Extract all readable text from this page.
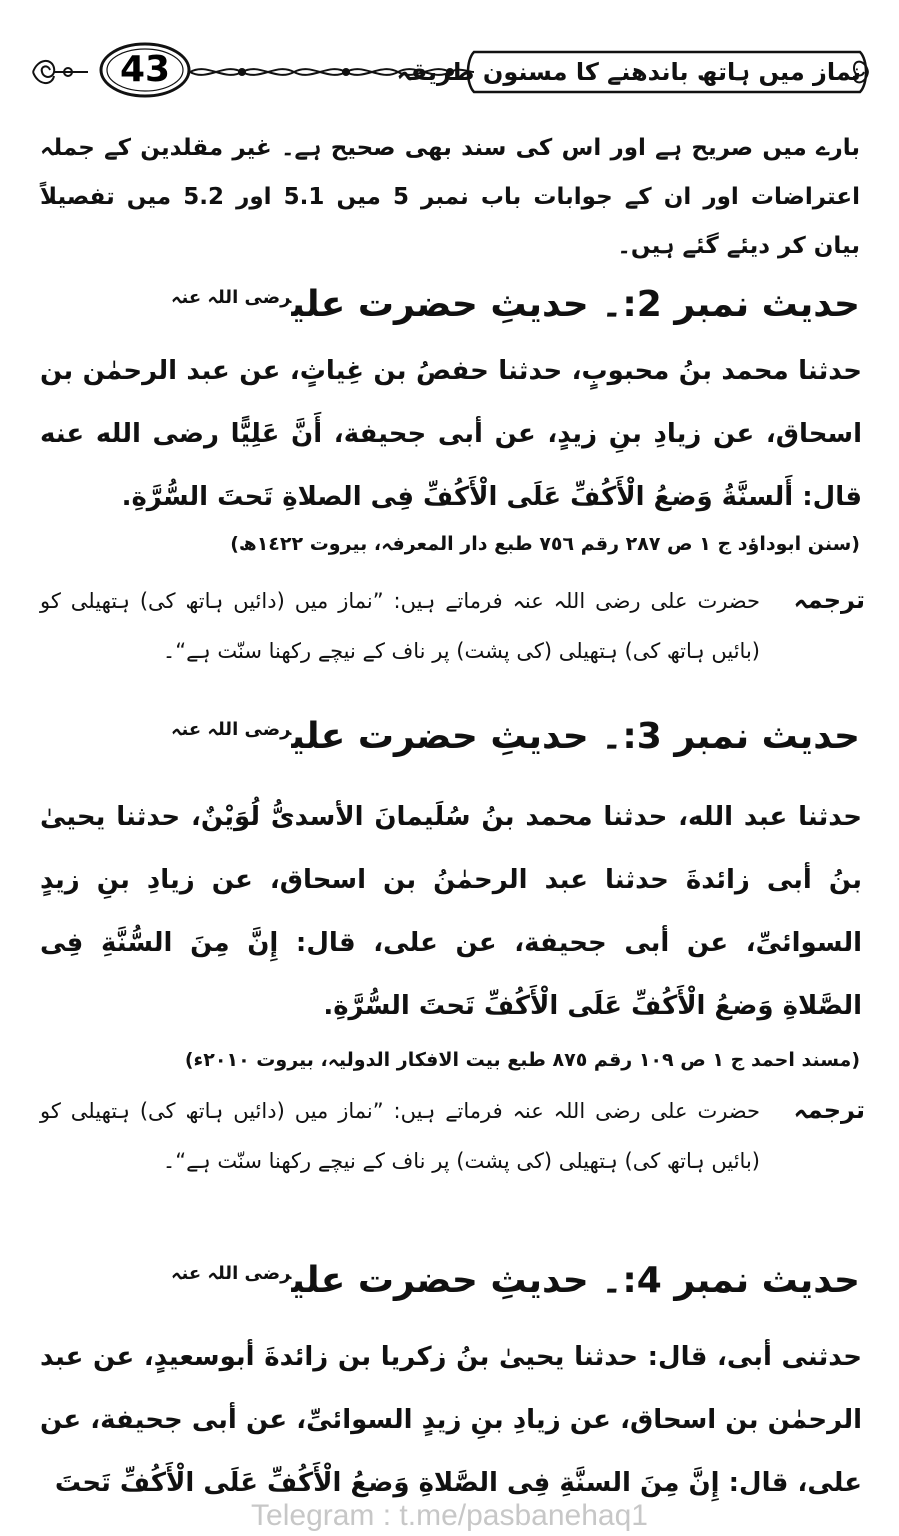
43	نماز میں ہاتھ باندھنے کا مسنون طریقہ

بارے میں صریح ہے اور اس کی سند بھی صحیح ہے۔ غیر مقلدین کے جملہ اعتراضات اور ان کے جوابات باب نمبر 5 میں 5.1 اور 5.2 میں تفصیلاً بیان کر دیئے گئے ہیں۔

حدیث نمبر 2:۔ حدیثِ حضرت علی$^{رضی اللہ عنہ}$

حدثنا محمد بنُ محبوبٍ، حدثنا حفصُ بن غِياثٍ، عن عبد الرحمٰن بن اسحاق، عن زيادِ بنِ زيدٍ، عن أبى جحيفة، أَنَّ عَلِيًّا رضى الله عنه قال: أَلسنَّةُ وَضعُ الْأَكُفِّ عَلَى الْأَكُفِّ فِى الصلاةِ تَحتَ السُّرَّةِ.

(سنن ابوداؤد ج ١ ص ٢٨٧ رقم ٧٥٦ طبع دار المعرفہ، بیروت ١٤٢٢ھ)

ترجمہ

حضرت علی رضی اللہ عنہ فرماتے ہیں: ”نماز میں (دائیں ہاتھ کی) ہتھیلی کو (بائیں ہاتھ کی) ہتھیلی (کی پشت) پر ناف کے نیچے رکھنا سنّت ہے“۔

حدیث نمبر 3:۔ حدیثِ حضرت علی$^{رضی اللہ عنہ}$

حدثنا عبد الله، حدثنا محمد بنُ سُلَيمانَ الأسدىُّ لُوَيْنٌ، حدثنا يحيىٰ بنُ أبى زائدةَ حدثنا عبد الرحمٰنُ بن اسحاق، عن زيادِ بنِ زيدٍ السوائىِّ، عن أبى جحيفة، عن على، قال: إِنَّ مِنَ السُّنَّةِ فِى الصَّلاةِ وَضعُ الْأَكُفِّ عَلَى الْأَكُفِّ تَحتَ السُّرَّةِ.

(مسند احمد ج ١ ص ١٠٩ رقم ٨٧٥ طبع بیت الافکار الدولیہ، بیروت ٢٠١٠ء)

ترجمہ

حضرت علی رضی اللہ عنہ فرماتے ہیں: ”نماز میں (دائیں ہاتھ کی) ہتھیلی کو (بائیں ہاتھ کی) ہتھیلی (کی پشت) پر ناف کے نیچے رکھنا سنّت ہے“۔

حدیث نمبر 4:۔ حدیثِ حضرت علی$^{رضی اللہ عنہ}$

حدثنى أبى، قال: حدثنا يحيىٰ بنُ زكريا بن زائدةَ أبوسعيدٍ، عن عبد الرحمٰن بن اسحاق، عن زيادِ بنِ زيدٍ السوائىِّ، عن أبى جحيفة، عن على، قال: إِنَّ مِنَ السنَّةِ فِى الصَّلاةِ وَضعُ الْأَكُفِّ عَلَى الْأَكُفِّ تَحتَ

Telegram : t.me/pasbanehaq1
